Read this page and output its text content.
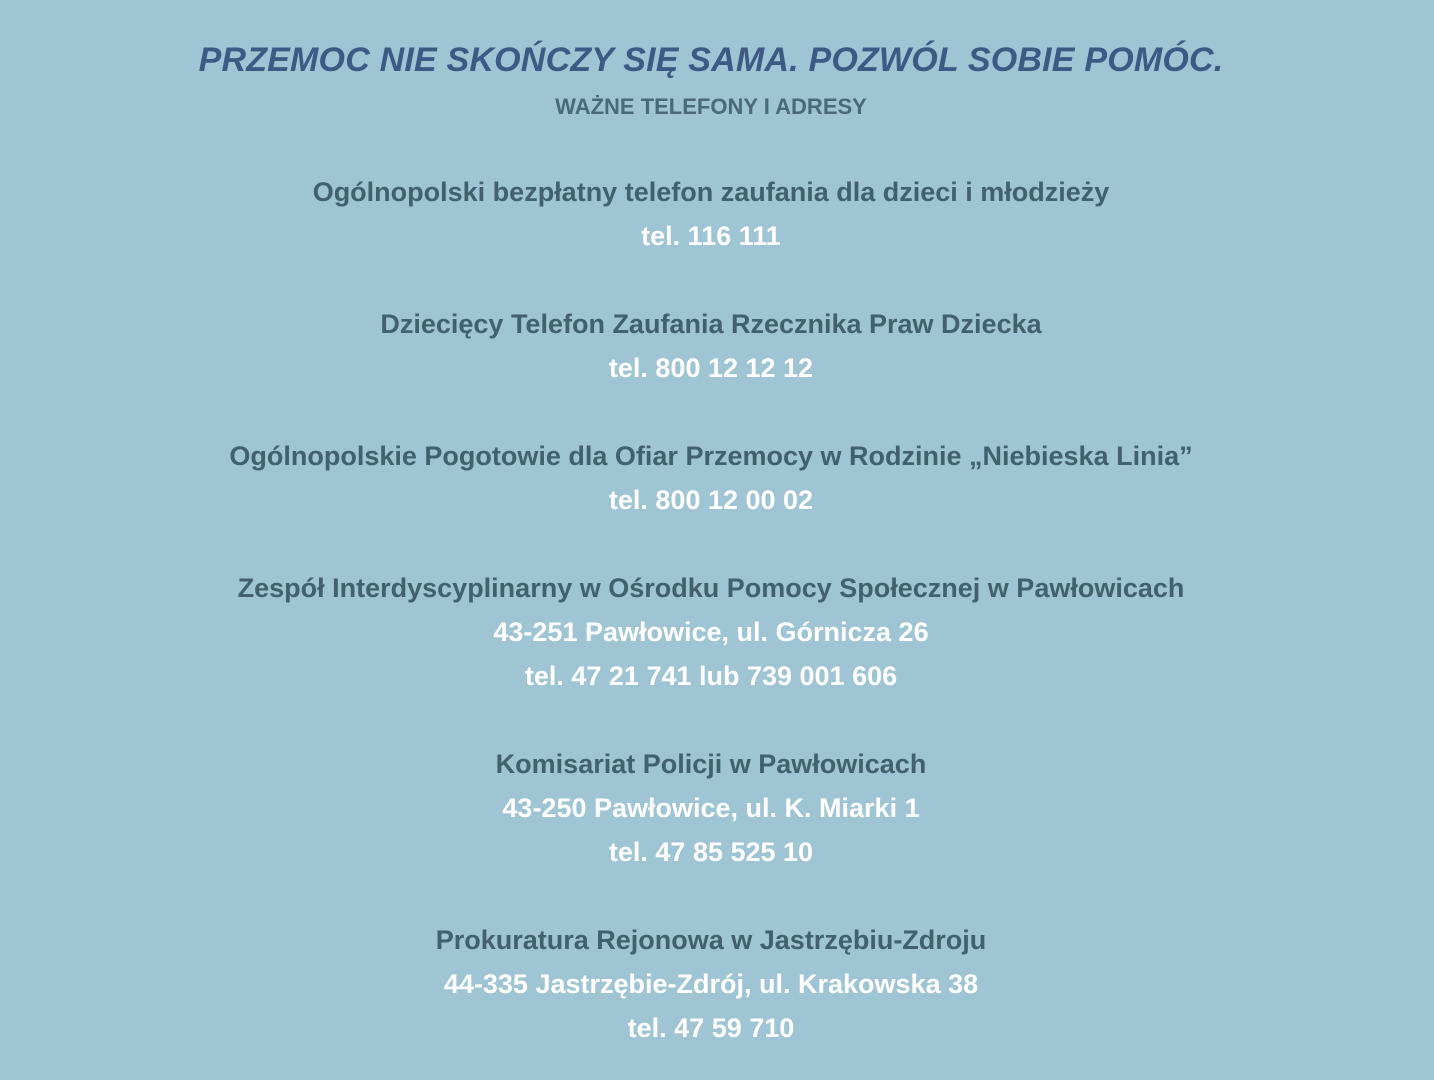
PRZEMOC NIE SKOŃCZY SIĘ SAMA. POZWÓL SOBIE POMÓC.
WAŻNE TELEFONY I ADRESY
Ogólnopolski bezpłatny telefon zaufania dla dzieci i młodzieży
tel. 116 111
Dziecięcy Telefon Zaufania Rzecznika Praw Dziecka
tel. 800 12 12 12
Ogólnopolskie Pogotowie dla Ofiar Przemocy w Rodzinie „Niebieska Linia”
tel. 800 12 00 02
Zespół Interdyscyplinarny w Ośrodku Pomocy Społecznej w Pawłowicach
43-251 Pawłowice, ul. Górnicza 26
tel. 47 21 741 lub 739 001 606
Komisariat Policji w Pawłowicach
43-250 Pawłowice, ul. K. Miarki 1
tel. 47 85 525 10
Prokuratura Rejonowa w Jastrzębiu-Zdroju
44-335 Jastrzębie-Zdrój, ul. Krakowska 38
tel. 47 59 710
